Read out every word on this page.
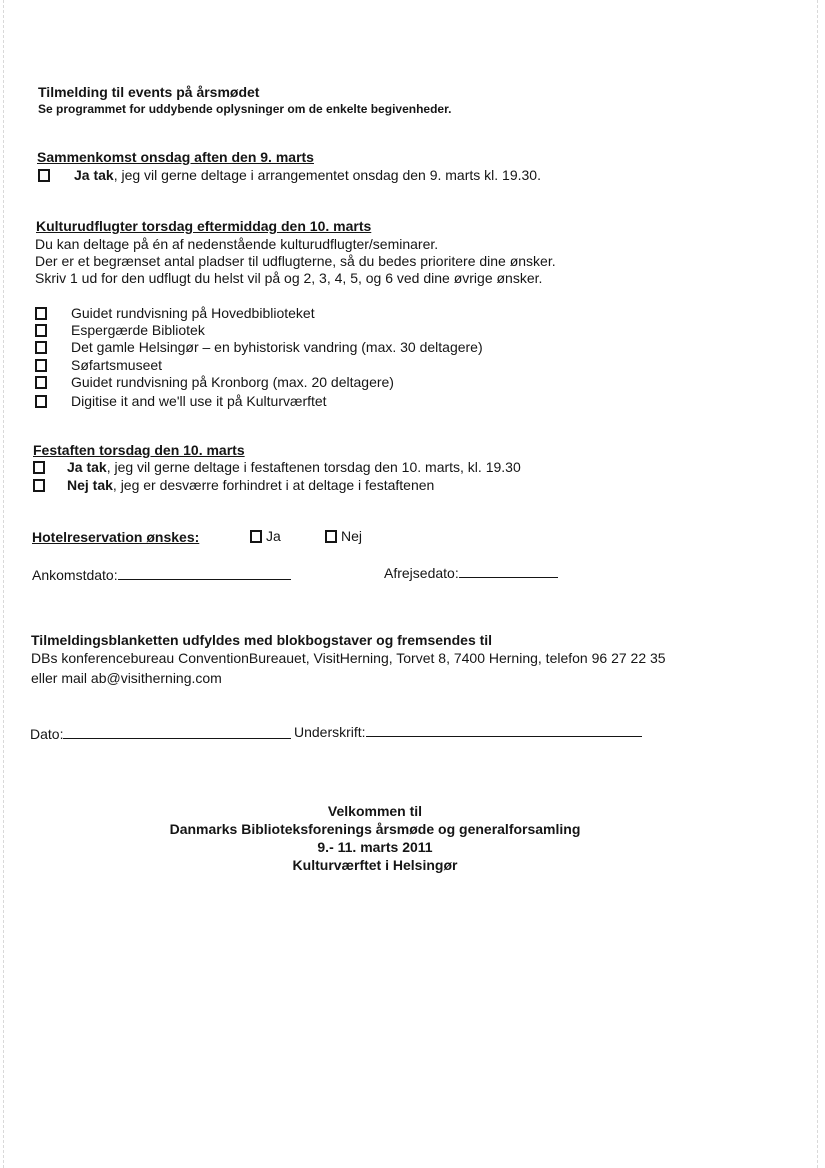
Tilmelding til events på årsmødet
Se programmet for uddybende oplysninger om de enkelte begivenheder.
Sammenkomst onsdag aften den 9. marts
Ja tak , jeg vil gerne deltage i arrangementet onsdag den 9. marts kl. 19.30.
Kulturudflugter torsdag eftermiddag den 10. marts
Du kan deltage på én af nedenstående kulturudflugter/seminarer.
Der er et begrænset antal pladser til udflugterne, så du bedes prioritere dine ønsker.
Skriv 1 ud for den udflugt du helst vil på og 2, 3, 4, 5, og 6 ved dine øvrige ønsker.
Guidet rundvisning på Hovedbiblioteket
Espergærde Bibliotek
Det gamle Helsingør – en byhistorisk vandring (max. 30 deltagere)
Søfartsmuseet
Guidet rundvisning på Kronborg (max. 20 deltagere)
Digitise it and we'll use it på Kulturværftet
Festaften torsdag den 10. marts
Ja tak , jeg vil gerne deltage i festaftenen torsdag den 10. marts, kl. 19.30
Nej tak , jeg er desværre forhindret i at deltage i festaftenen
Hotelreservation ønskes:	Ja	Nej
Ankomstdato:	Afrejsedato:
Tilmeldingsblanketten udfyldes med blokbogstaver og fremsendes til
DBs konferencebureau ConventionBureauet, VisitHerning, Torvet 8, 7400 Herning, telefon 96 27 22 35
eller mail ab@visitherning.com
Dato:	Underskrift:
Velkommen til
Danmarks Biblioteksforenings årsmøde og generalforsamling
9.- 11. marts 2011
Kulturværftet i Helsingør
